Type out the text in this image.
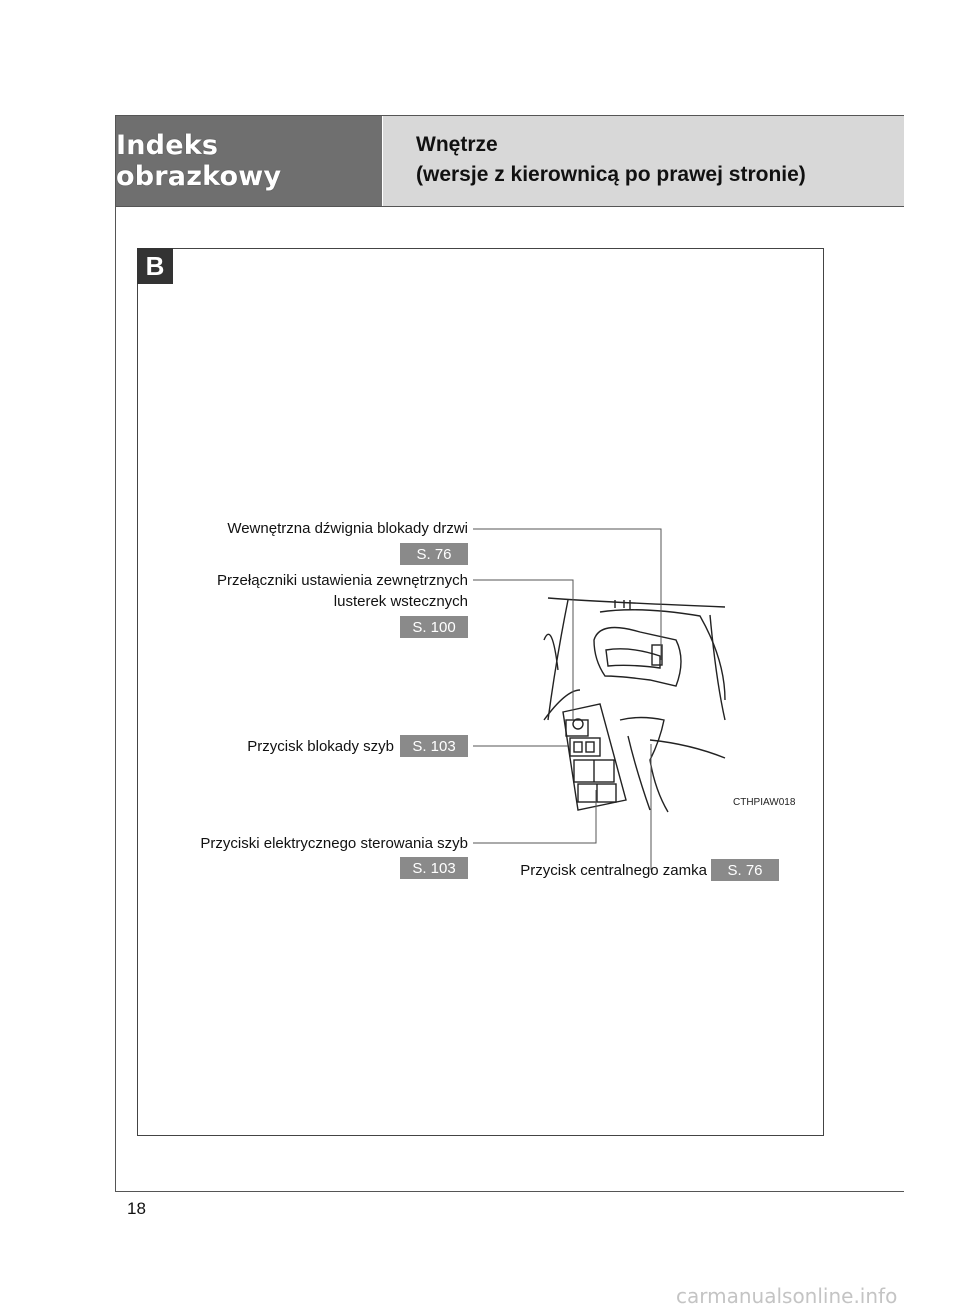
Indeks obrazkowy
Wnętrze
(wersje z kierownicą po prawej stronie)
B
Wewnętrzna dźwignia blokady drzwi
S. 76
Przełączniki ustawienia zewnętrznych
lusterek wstecznych
S. 100
Przycisk blokady szyb	S. 103
Przyciski elektrycznego sterowania szyb
S. 103	Przycisk centralnego zamka	S. 76
CTHPIAW018
18
carmanualsonline.info
